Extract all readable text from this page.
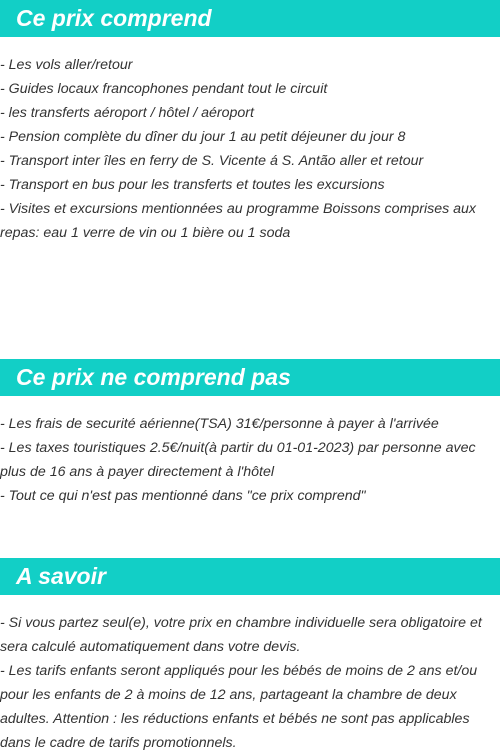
Ce prix comprend
- Les vols aller/retour
- Guides locaux francophones pendant tout le circuit
- les transferts aéroport / hôtel / aéroport
- Pension complète du dîner du jour 1 au petit déjeuner du jour 8
- Transport inter îles en ferry de S. Vicente á S. Antão aller et retour
- Transport en bus pour les transferts et toutes les excursions
- Visites et excursions mentionnées au programme Boissons comprises aux repas: eau 1 verre de vin ou 1 bière ou 1 soda
Ce prix ne comprend pas
- Les frais de securité aérienne(TSA) 31€/personne à payer à l'arrivée
- Les taxes touristiques 2.5€/nuit(à partir du 01-01-2023) par personne avec plus de 16 ans à payer directement à l'hôtel
- Tout ce qui n'est pas mentionné dans "ce prix comprend"
A savoir
- Si vous partez seul(e), votre prix en chambre individuelle sera obligatoire et sera calculé automatiquement dans votre devis.
- Les tarifs enfants seront appliqués pour les bébés de moins de 2 ans et/ou pour les enfants de 2 à moins de 12 ans, partageant la chambre de deux adultes. Attention : les réductions enfants et bébés ne sont pas applicables dans le cadre de tarifs promotionnels.
